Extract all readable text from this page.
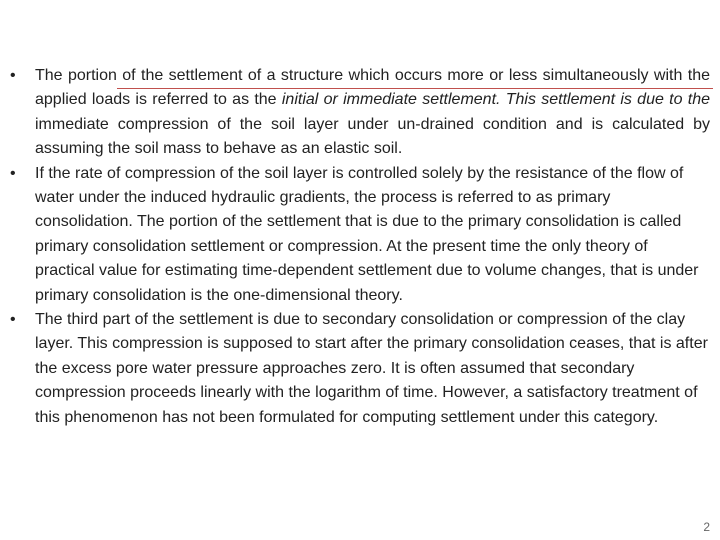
•	The portion of the settlement of a structure which occurs more or less simultaneously with the applied loads is referred to as the initial or immediate settlement. This settlement is due to the immediate compression of the soil layer under un-drained condition and is calculated by assuming the soil mass to behave as an elastic soil.
•	If the rate of compression of the soil layer is controlled solely by the resistance of the flow of water under the induced hydraulic gradients, the process is referred to as primary consolidation. The portion of the settlement that is due to the primary consolidation is called primary consolidation settlement or compression. At the present time the only theory of practical value for estimating time-dependent settlement due to volume changes, that is under primary consolidation is the one-dimensional theory.
•	The third part of the settlement is due to secondary consolidation or compression of the clay layer. This compression is supposed to start after the primary consolidation ceases, that is after the excess pore water pressure approaches zero. It is often assumed that secondary compression proceeds linearly with the logarithm of time. However, a satisfactory treatment of this phenomenon has not been formulated for computing settlement under this category.
2
